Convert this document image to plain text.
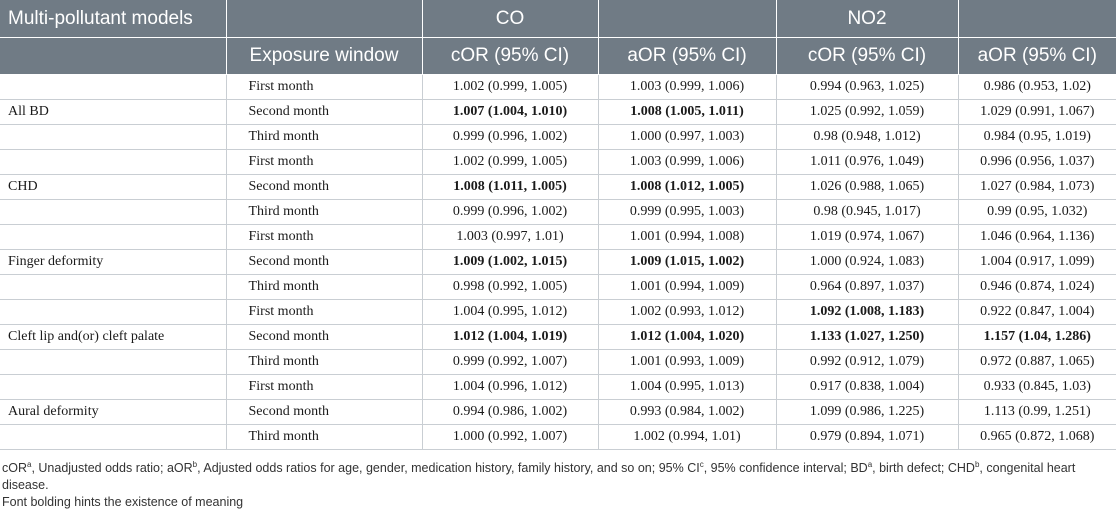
Multi-pollutant models		CO		NO2	
	Exposure window	cOR (95% CI)	aOR (95% CI)	cOR (95% CI)	aOR (95% CI)
	First month	1.002 (0.999, 1.005)	1.003 (0.999, 1.006)	0.994 (0.963, 1.025)	0.986 (0.953, 1.02)
All BD	Second month	1.007 (1.004, 1.010)	1.008 (1.005, 1.011)	1.025 (0.992, 1.059)	1.029 (0.991, 1.067)
	Third month	0.999 (0.996, 1.002)	1.000 (0.997, 1.003)	0.98 (0.948, 1.012)	0.984 (0.95, 1.019)
	First month	1.002 (0.999, 1.005)	1.003 (0.999, 1.006)	1.011 (0.976, 1.049)	0.996 (0.956, 1.037)
CHD	Second month	1.008 (1.011, 1.005)	1.008 (1.012, 1.005)	1.026 (0.988, 1.065)	1.027 (0.984, 1.073)
	Third month	0.999 (0.996, 1.002)	0.999 (0.995, 1.003)	0.98 (0.945, 1.017)	0.99 (0.95, 1.032)
	First month	1.003 (0.997, 1.01)	1.001 (0.994, 1.008)	1.019 (0.974, 1.067)	1.046 (0.964, 1.136)
Finger deformity	Second month	1.009 (1.002, 1.015)	1.009 (1.015, 1.002)	1.000 (0.924, 1.083)	1.004 (0.917, 1.099)
	Third month	0.998 (0.992, 1.005)	1.001 (0.994, 1.009)	0.964 (0.897, 1.037)	0.946 (0.874, 1.024)
	First month	1.004 (0.995, 1.012)	1.002 (0.993, 1.012)	1.092 (1.008, 1.183)	0.922 (0.847, 1.004)
Cleft lip and(or) cleft palate	Second month	1.012 (1.004, 1.019)	1.012 (1.004, 1.020)	1.133 (1.027, 1.250)	1.157 (1.04, 1.286)
	Third month	0.999 (0.992, 1.007)	1.001 (0.993, 1.009)	0.992 (0.912, 1.079)	0.972 (0.887, 1.065)
	First month	1.004 (0.996, 1.012)	1.004 (0.995, 1.013)	0.917 (0.838, 1.004)	0.933 (0.845, 1.03)
Aural deformity	Second month	0.994 (0.986, 1.002)	0.993 (0.984, 1.002)	1.099 (0.986, 1.225)	1.113 (0.99, 1.251)
	Third month	1.000 (0.992, 1.007)	1.002 (0.994, 1.01)	0.979 (0.894, 1.071)	0.965 (0.872, 1.068)
cOR$^a$, Unadjusted odds ratio; aOR$^b$, Adjusted odds ratios for age, gender, medication history, family history, and so on; 95% $CI^c$, 95% confidence interval; $BD^a$, birth defect; CHD$^b$, congenital heart disease.
Font bolding hints the existence of meaning
